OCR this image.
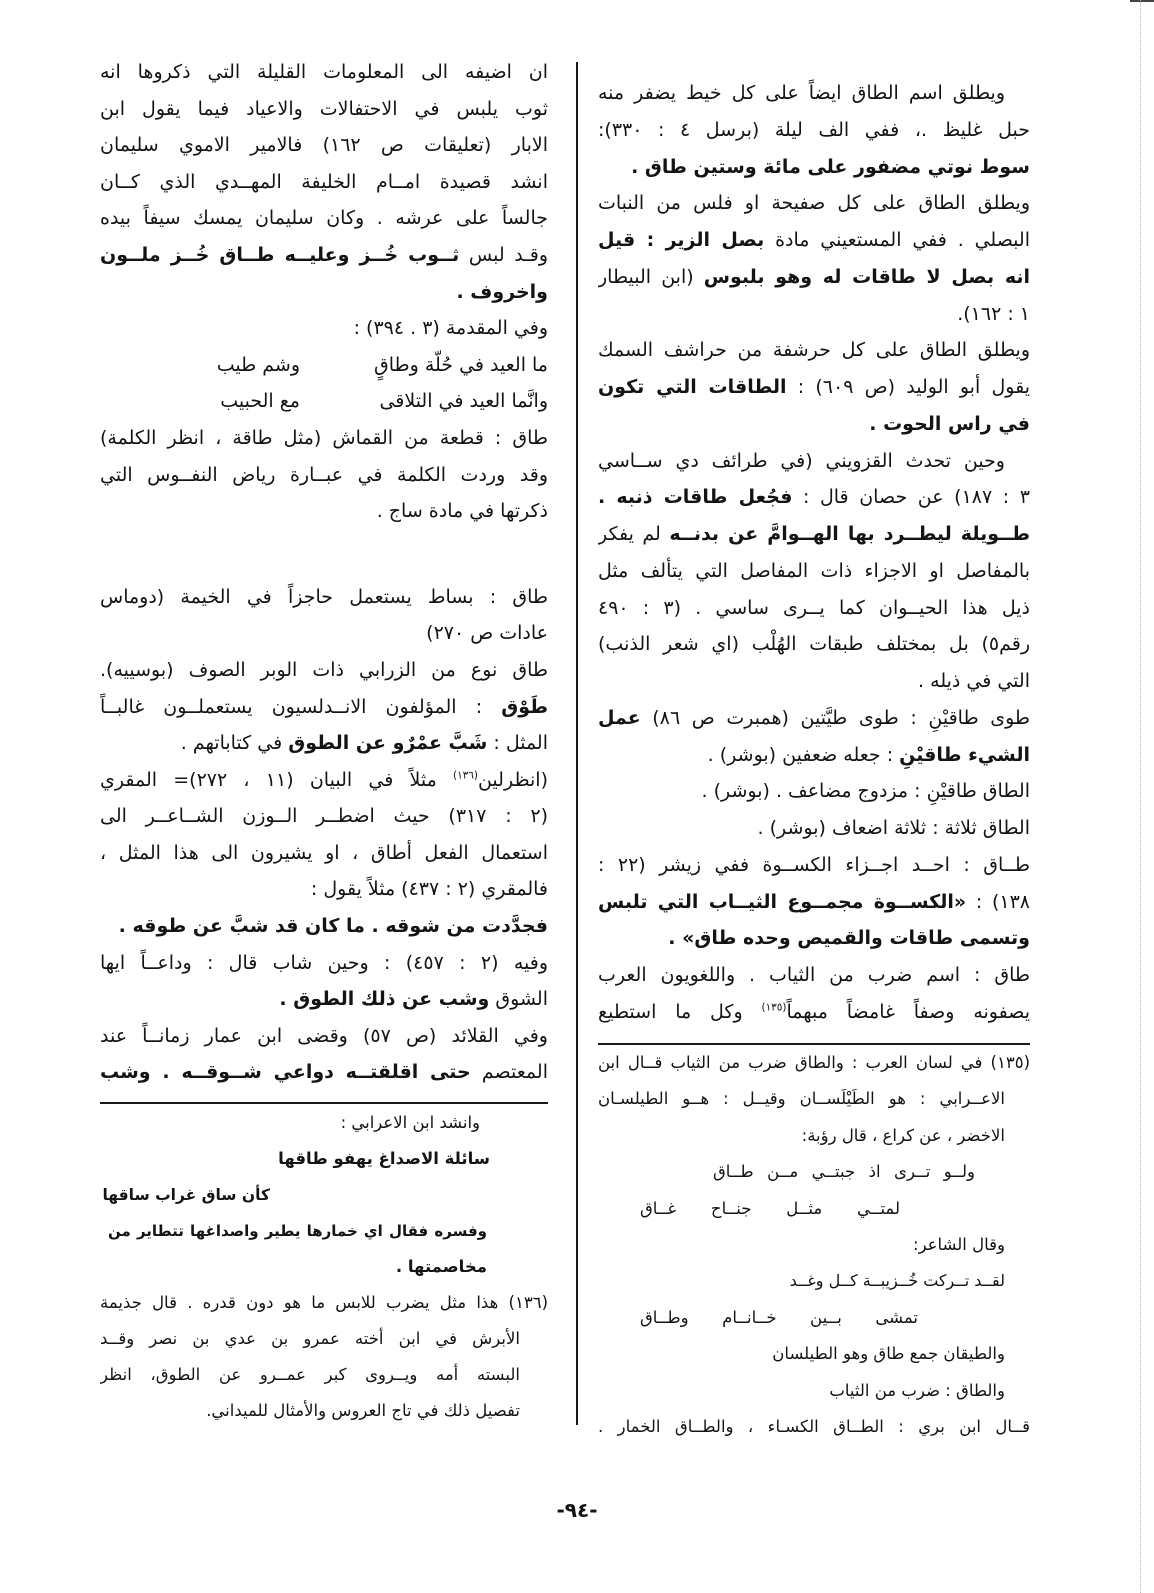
ويطلق اسم الطاق ايضاً على كل خيط يضفر منه
حبل غليظ .، ففي الف ليلة (برسل ٤ : ٣٣٠):
سوط نوتي مضفور على مائة وستين طاق .
ويطلق الطاق على كل صفيحة او فلس من النبات
البصلي . ففي المستعيني مادة بصل الزير : قيل
انه بصل لا طاقات له وهو بلبوس (ابن البيطار
١ : ١٦٢).
ويطلق الطاق على كل حرشفة من حراشف السمك
يقول أبو الوليد (ص ٦٠٩) : الطاقات التي تكون
في راس الحوت .
وحين تحدث القزويني (في طرائف دي ســاسي
٣ : ١٨٧) عن حصان قال : فجُعل طاقات ذنبه .
طــويلة ليطــرد بها الهــوامَّ عن بدنــه لم يفكر
بالمفاصل او الاجزاء ذات المفاصل التي يتألف مثل
ذيل هذا الحيــوان كما يــرى ساسي . (٣ : ٤٩٠
رقم٥) بل بمختلف طبقات الهُلْب (اي شعر الذنب)
التي في ذيله .
طوى طاقيْنِ : طوى طيَّتين (همبرت ص ٨٦) عمل
الشيء طاقيْنِ : جعله ضعفين (بوشر) .
الطاق طاقيْنِ : مزدوج مضاعف . (بوشر) .
الطاق ثلاثة : ثلاثة اضعاف (بوشر) .
طــاق : احــد اجــزاء الكســوة ففي زيشر (٢٢ :
١٣٨) : «الكســوة مجمــوع الثيــاب التي تلبس
وتسمى طاقات والقميص وحده طاق» .
طاق : اسم ضرب من الثياب . واللغويون العرب
يصفونه وصفاً غامضاً مبهماً$^{(١٣٥)}$ وكل ما استطيع
(١٣٥) في لسان العرب : والطاق ضرب من الثياب قــال ابن
الاعــرابي : هو الطَيْلَســان وقيــل : هــو الطيلسـان
الاخضر ، عن كراع ، قال رؤبة:
ولــو تــرى اذ جبتــي مــن طــاق
لمتــي مثــل جنــاح غــاق
وقال الشاعر:
لقــد تــركت خُــزيبــة كــل وغــد
تمشى بــين خــانــام وطــاق
والطيقان جمع طاق وهو الطيلسان
والطاق : ضرب من الثياب
قــال ابن بري : الطــاق الكسـاء ، والطــاق الخمار .
ان اضيفه الى المعلومات القليلة التي ذكروها انه
ثوب يلبس في الاحتفالات والاعياد فيما يقول ابن
الابار (تعليقات ص ١٦٢) فالامير الاموي سليمان
انشد قصيدة امــام الخليفة المهــدي الذي كــان
جالساً على عرشه . وكان سليمان يمسك سيفاً بيده
وقـد لبس ثــوب خُــز وعليــه طــاق خُــز ملــون
واخروف .
وفي المقدمة (٣ . ٣٩٤) :
ما العيد في حُلّة وطاقٍ
وشم طيب
وانَّما العيد في التلاقى
مع الحبيب
طاق : قطعة من القماش (مثل طاقة ، انظر الكلمة)
وقد وردت الكلمة في عبــارة رياض النفــوس التي
ذكرتها في مادة ساج .
طاق : بساط يستعمل حاجزاً في الخيمة (دوماس
عادات ص ٢٧٠)
طاق نوع من الزرابي ذات الوبر الصوف (بوسييه).
طَوْق : المؤلفون الانــدلسيون يستعملــون غالبــاً
المثل : شَبَّ عمْرٌو عن الطوق في كتاباتهم .
(انظرلين$^{(١٣٦)}$ مثلاً في البيان (١١ ، ٢٧٢)= المقري
(٢ : ٣١٧) حيث اضطــر الــوزن الشــاعــر الى
استعمال الفعل أطاق ، او يشيرون الى هذا المثل ،
فالمقري (٢ : ٤٣٧) مثلاً يقول :
فجدَّدت من شوقه . ما كان قد شبَّ عن طوقه .
وفيه (٢ : ٤٥٧) : وحين شاب قال : وداعــاً ايها
الشوق وشب عن ذلك الطوق .
وفي القلائد (ص ٥٧) وقضى ابن عمار زمانــاً عند
المعتصم حتى اقلقتــه دواعي شــوقــه . وشب
وانشد ابن الاعرابي :
سائلة الاصداغ يهفو طاقها
كأن ساق غراب ساقها
وفسره فقال اي خمارها يطير واصداغها تتطاير من
مخاصمتها .
(١٣٦) هذا مثل يضرب للابس ما هو دون قدره . قال جذيمة
الأبرش في ابن أخته عمرو بن عدي بن نصر وقــد
البسته أمه ويــروى كبر عمــرو عن الطوق، انظر
تفصيل ذلك في تاج العروس والأمثال للميداني.
-٩٤-
